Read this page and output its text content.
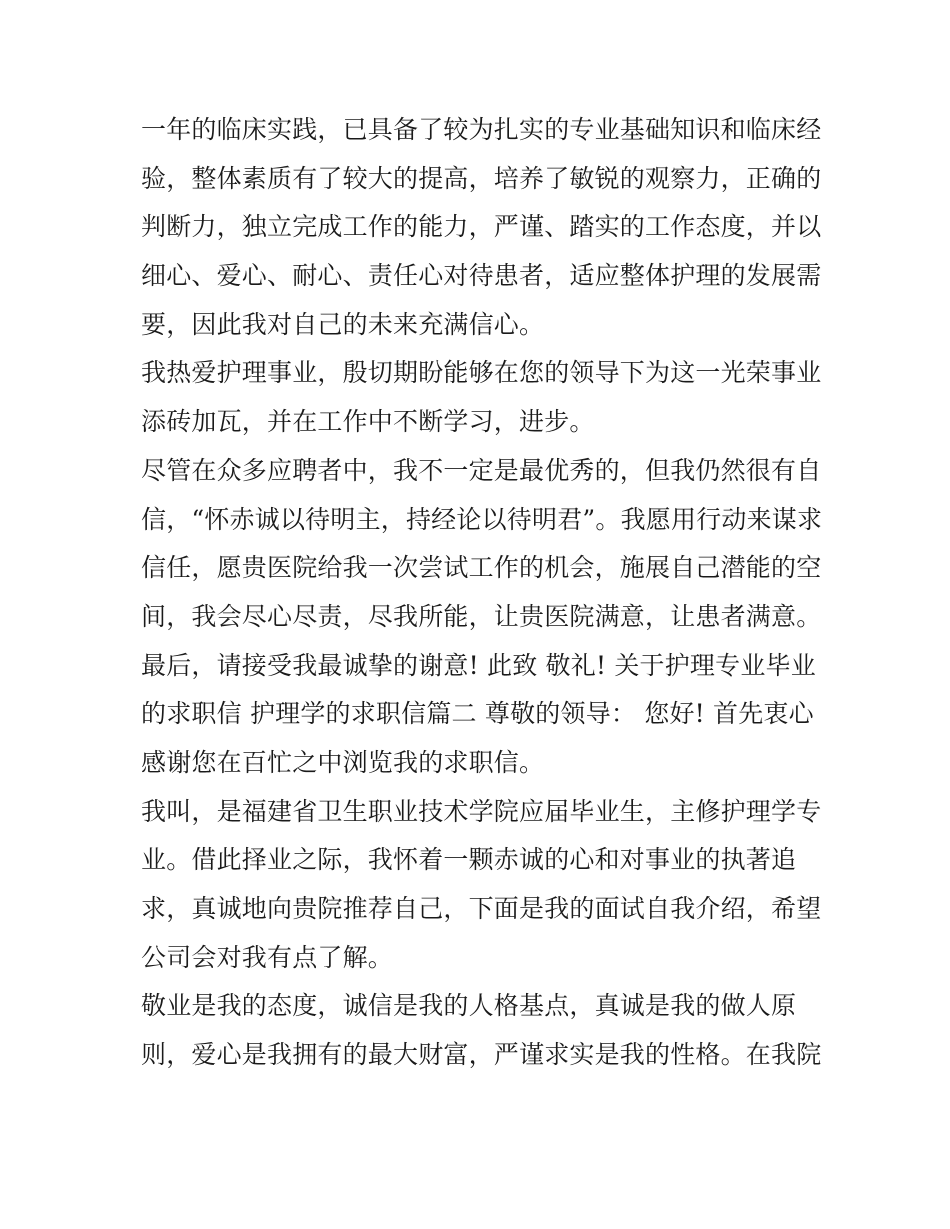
一年的临床实践，已具备了较为扎实的专业基础知识和临床经
验，整体素质有了较大的提高，培养了敏锐的观察力，正确的
判断力，独立完成工作的能力，严谨、踏实的工作态度，并以
细心、爱心、耐心、责任心对待患者，适应整体护理的发展需
要，因此我对自己的未来充满信心。
我热爱护理事业，殷切期盼能够在您的领导下为这一光荣事业
添砖加瓦，并在工作中不断学习，进步。
尽管在众多应聘者中，我不一定是最优秀的，但我仍然很有自
信，“怀赤诚以待明主，持经论以待明君”。我愿用行动来谋求
信任，愿贵医院给我一次尝试工作的机会，施展自己潜能的空
间，我会尽心尽责，尽我所能，让贵医院满意，让患者满意。
最后，请接受我最诚挚的谢意! 此致 敬礼! 关于护理专业毕业
的求职信 护理学的求职信篇二 尊敬的领导： 您好! 首先衷心
感谢您在百忙之中浏览我的求职信。
我叫，是福建省卫生职业技术学院应届毕业生，主修护理学专
业。借此择业之际，我怀着一颗赤诚的心和对事业的执著追
求，真诚地向贵院推荐自己，下面是我的面试自我介绍，希望
公司会对我有点了解。
敬业是我的态度，诚信是我的人格基点，真诚是我的做人原
则，爱心是我拥有的最大财富，严谨求实是我的性格。在我院
